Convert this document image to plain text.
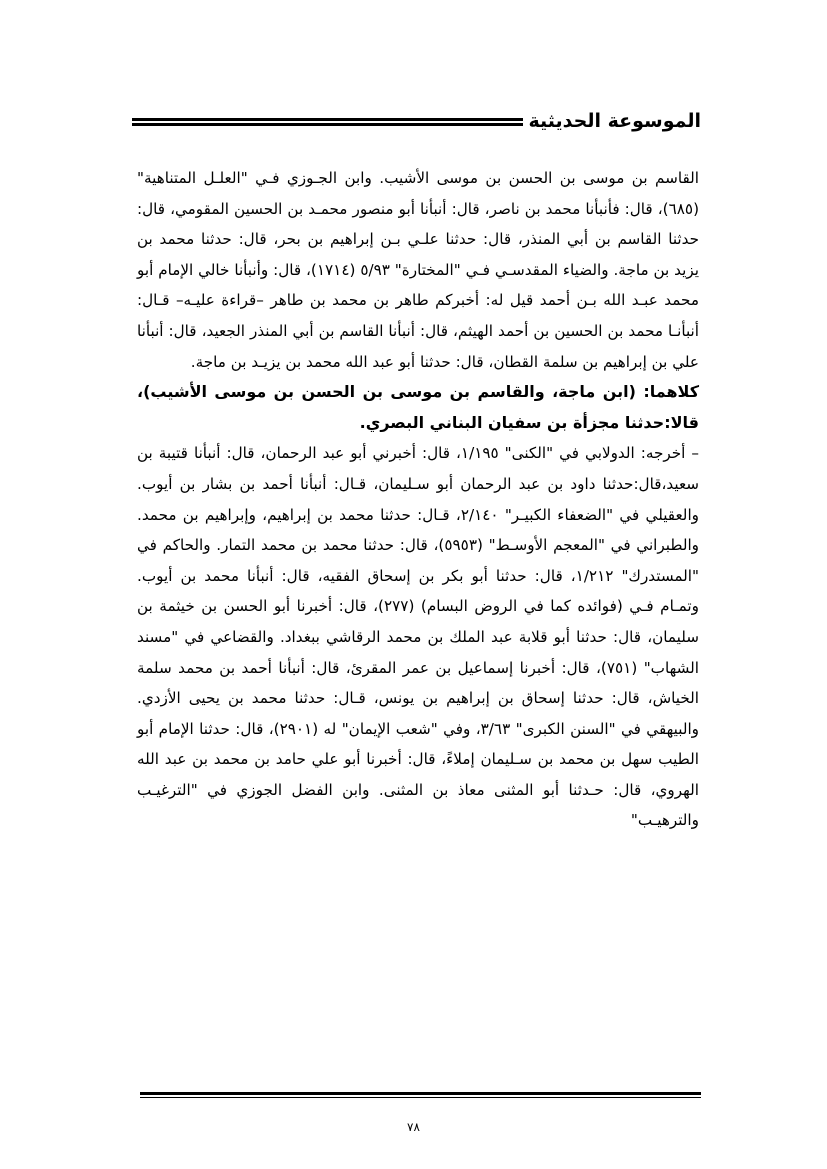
الموسوعة الحديثية

القاسم بن موسى بن الحسن بن موسى الأشيب. وابن الجـوزي فـي "العلـل المتناهية" (٦٨٥)، قال: فأنبأنا محمد بن ناصر، قال: أنبأنا أبو منصور محمـد بن الحسين المقومي، قال: حدثنا القاسم بن أبي المنذر، قال: حدثنا علـي بـن إبراهيم بن بحر، قال: حدثنا محمد بن يزيد بن ماجة. والضياء المقدسـي فـي "المختارة" ٥/٩٣ (١٧١٤)، قال: وأنبأنا خالي الإمام أبو محمد عبـد الله بـن أحمد قيل له: أخبركم طاهر بن محمد بن طاهر –قراءة عليـه– قـال: أنبأنـا محمد بن الحسين بن أحمد الهيثم، قال: أنبأنا القاسم بن أبي المنذر الجعيد، قال: أنبأنا علي بن إبراهيم بن سلمة القطان، قال: حدثنا أبو عبد الله محمد بن يزيـد بن ماجة.

كلاهما: (ابن ماجة، والقاسم بن موسى بن الحسن بن موسى الأشيب)، قالا:حدثنا مجزأة بن سفيان البناني البصري.

– أخرجه: الدولابي في "الكنى" ١/١٩٥، قال: أخبرني أبو عبد الرحمان، قال: أنبأنا قتيبة بن سعيد،قال:حدثنا داود بن عبد الرحمان أبو سـليمان، قـال: أنبأنا أحمد بن بشار بن أيوب. والعقيلي في "الضعفاء الكبيـر" ٢/١٤٠، قـال: حدثنا محمد بن إبراهيم، وإبراهيم بن محمد. والطبراني في "المعجم الأوسـط" (٥٩٥٣)، قال: حدثنا محمد بن محمد التمار. والحاكم في "المستدرك" ١/٢١٢، قال: حدثنا أبو بكر بن إسحاق الفقيه، قال: أنبأنا محمد بن أيوب. وتمـام فـي (فوائده كما في الروض البسام) (٢٧٧)، قال: أخبرنا أبو الحسن بن خيثمة بن سليمان، قال: حدثنا أبو قلابة عبد الملك بن محمد الرقاشي ببغداد. والقضاعي في "مسند الشهاب" (٧٥١)، قال: أخبرنا إسماعيل بن عمر المقرئ، قال: أنبأنا أحمد بن محمد سلمة الخياش، قال: حدثنا إسحاق بن إبراهيم بن يونس، قـال: حدثنا محمد بن يحيى الأزدي. والبيهقي في "السنن الكبرى" ٣/٦٣، وفي "شعب الإيمان" له (٢٩٠١)، قال: حدثنا الإمام أبو الطيب سهل بن محمد بن سـليمان إملاءً، قال: أخبرنا أبو علي حامد بن محمد بن عبد الله الهروي، قال: حـدثنا أبو المثنى معاذ بن المثنى. وابن الفضل الجوزي في "الترغيـب والترهيـب"

٧٨
